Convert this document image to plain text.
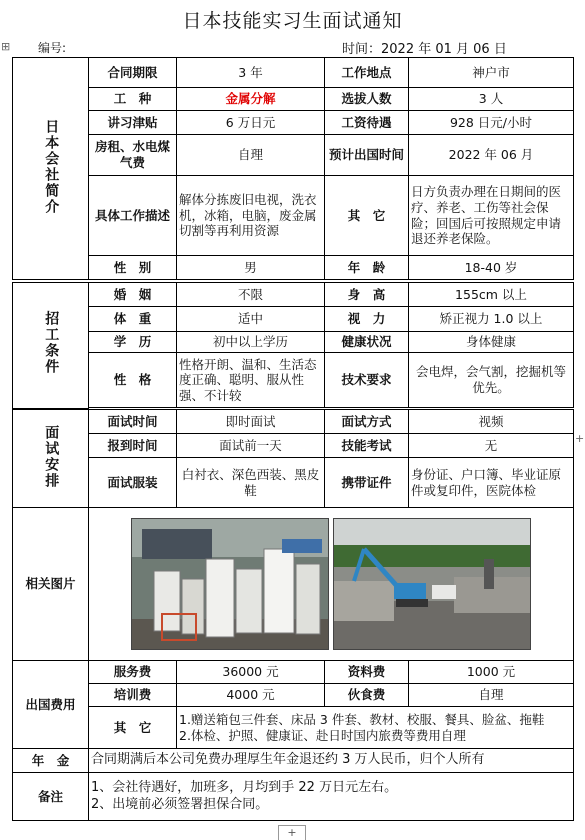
日本技能实习生面试通知
⊞ 编号:	时间：2022 年 01 月 06 日
日本会社简介	合同期限	3 年	工作地点	神户市
	工　种	金属分解	选拔人数	3 人
	讲习津贴	6 万日元	工资待遇	928 日元/小时
	房租、水电煤气费	自理	预计出国时间	2022 年 06 月
	具体工作描述	解体分拣废旧电视，洗衣机，冰箱，电脑，废金属切割等再利用资源	其　它	日方负责办理在日期间的医疗、养老、工伤等社会保险；回国后可按照规定申请退还养老保险。
	性　别	男	年　龄	18-40 岁
招工条件	婚　姻	不限	身　高	155cm 以上
	体　重	适中	视　力	矫正视力 1.0 以上
	学　历	初中以上学历	健康状况	身体健康
	性　格	性格开朗、温和、生活态度正确、聪明、服从性强、不计较	技术要求	会电焊，会气割，挖掘机等优先。

面试安排	面试时间	即时面试	面试方式	视频
	报到时间	面试前一天	技能考试	无
	面试服装	白衬衣、深色西装、黑皮鞋	携带证件	身份证、户口簿、毕业证原件或复印件，医院体检
相关图片	

出国费用	服务费	36000 元	资料费	1000 元
	培训费	4000 元	伙食费	自理
	其　它	1.赠送箱包三件套、床品 3 件套、教材、校服、餐具、脸盆、拖鞋
2.体检、护照、健康证、赴日时国内旅费等费用自理		

年　金	合同期满后本公司免费办理厚生年金退还约 3 万人民币，归个人所有			
备注	1、会社待遇好，加班多，月均到手 22 万日元左右。
2、出境前必须签署担保合同。			
+
+
